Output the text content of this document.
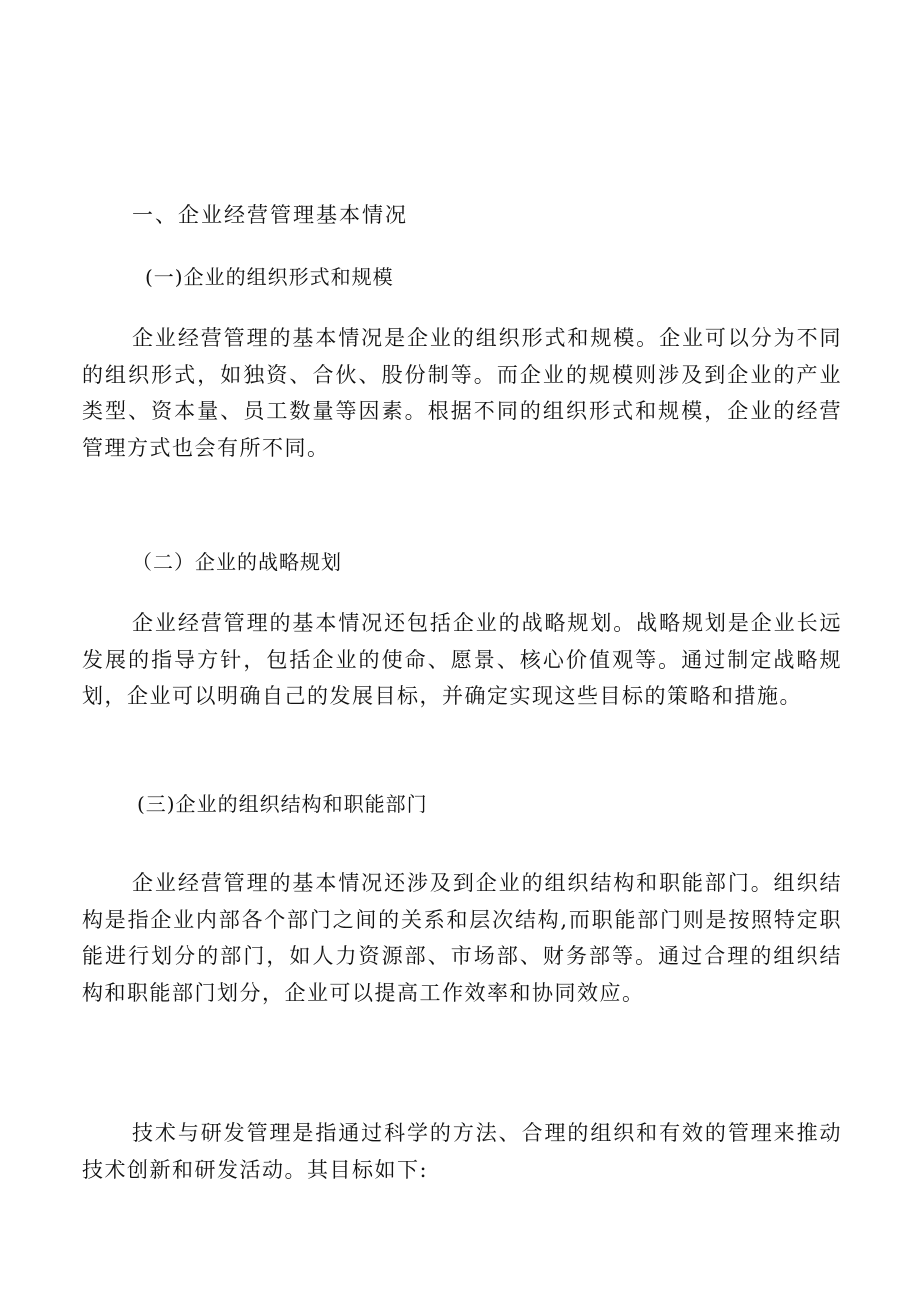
一、企业经营管理基本情况
(一)企业的组织形式和规模
企业经营管理的基本情况是企业的组织形式和规模。企业可以分为不同的组织形式，如独资、合伙、股份制等。而企业的规模则涉及到企业的产业类型、资本量、员工数量等因素。根据不同的组织形式和规模，企业的经营管理方式也会有所不同。
（二）企业的战略规划
企业经营管理的基本情况还包括企业的战略规划。战略规划是企业长远发展的指导方针，包括企业的使命、愿景、核心价值观等。通过制定战略规划，企业可以明确自己的发展目标，并确定实现这些目标的策略和措施。
(三)企业的组织结构和职能部门
企业经营管理的基本情况还涉及到企业的组织结构和职能部门。组织结构是指企业内部各个部门之间的关系和层次结构,而职能部门则是按照特定职能进行划分的部门，如人力资源部、市场部、财务部等。通过合理的组织结构和职能部门划分，企业可以提高工作效率和协同效应。
技术与研发管理是指通过科学的方法、合理的组织和有效的管理来推动技术创新和研发活动。其目标如下:
